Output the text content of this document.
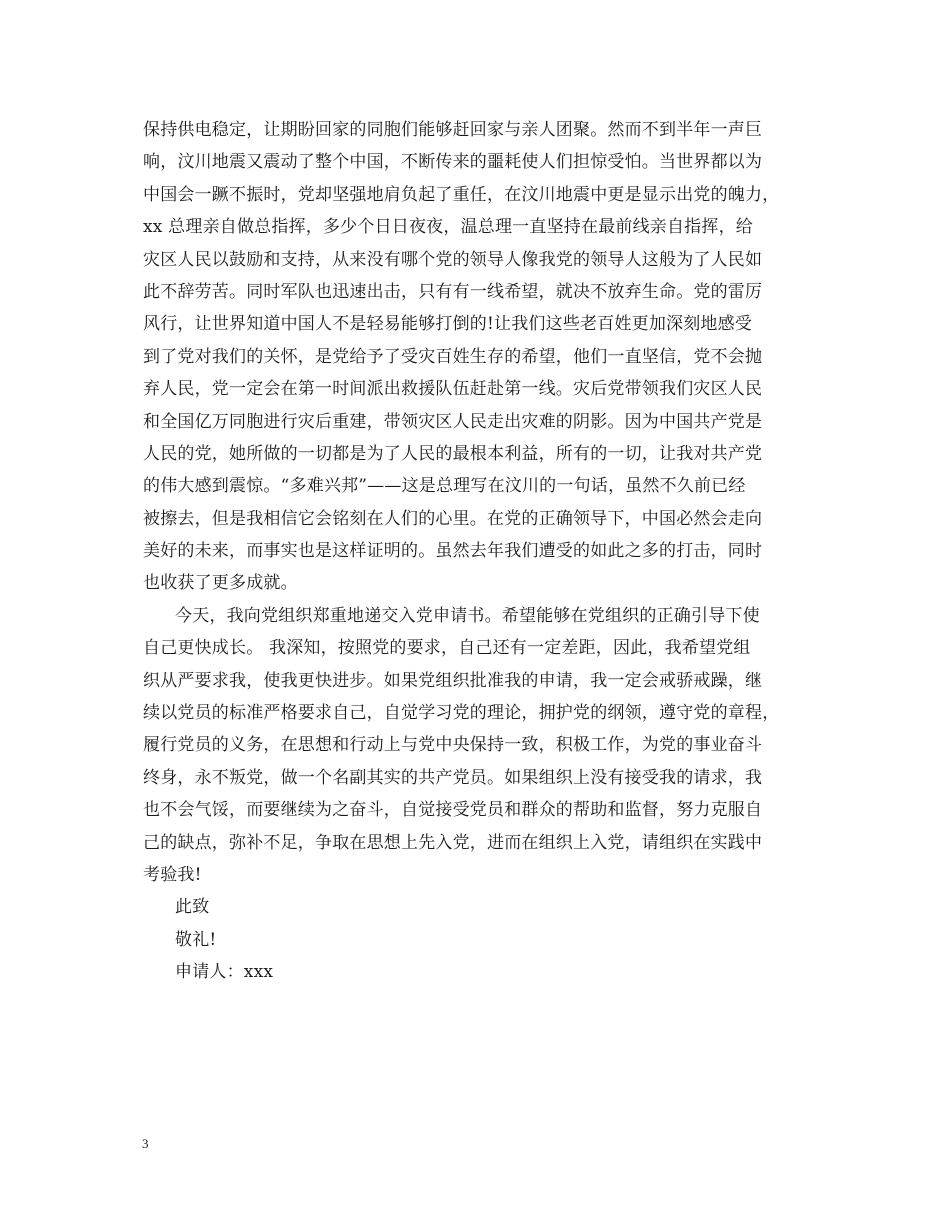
保持供电稳定，让期盼回家的同胞们能够赶回家与亲人团聚。然而不到半年一声巨
响，汶川地震又震动了整个中国，不断传来的噩耗使人们担惊受怕。当世界都以为
中国会一蹶不振时，党却坚强地肩负起了重任，在汶川地震中更是显示出党的魄力，
xx 总理亲自做总指挥，多少个日日夜夜，温总理一直坚持在最前线亲自指挥，给
灾区人民以鼓励和支持，从来没有哪个党的领导人像我党的领导人这般为了人民如
此不辞劳苦。同时军队也迅速出击，只有有一线希望，就决不放弃生命。党的雷厉
风行，让世界知道中国人不是轻易能够打倒的!让我们这些老百姓更加深刻地感受
到了党对我们的关怀，是党给予了受灾百姓生存的希望，他们一直坚信，党不会抛
弃人民，党一定会在第一时间派出救援队伍赶赴第一线。灾后党带领我们灾区人民
和全国亿万同胞进行灾后重建，带领灾区人民走出灾难的阴影。因为中国共产党是
人民的党，她所做的一切都是为了人民的最根本利益，所有的一切，让我对共产党
的伟大感到震惊。“多难兴邦”——这是总理写在汶川的一句话，虽然不久前已经
被擦去，但是我相信它会铭刻在人们的心里。在党的正确领导下，中国必然会走向
美好的未来，而事实也是这样证明的。虽然去年我们遭受的如此之多的打击，同时
也收获了更多成就。
今天，我向党组织郑重地递交入党申请书。希望能够在党组织的正确引导下使
自己更快成长。 我深知，按照党的要求，自己还有一定差距，因此，我希望党组
织从严要求我，使我更快进步。如果党组织批准我的申请，我一定会戒骄戒躁，继
续以党员的标准严格要求自己，自觉学习党的理论，拥护党的纲领，遵守党的章程，
履行党员的义务，在思想和行动上与党中央保持一致，积极工作，为党的事业奋斗
终身，永不叛党，做一个名副其实的共产党员。如果组织上没有接受我的请求，我
也不会气馁，而要继续为之奋斗，自觉接受党员和群众的帮助和监督，努力克服自
己的缺点，弥补不足，争取在思想上先入党，进而在组织上入党，请组织在实践中
考验我!
此致
敬礼!
申请人：xxx
3
